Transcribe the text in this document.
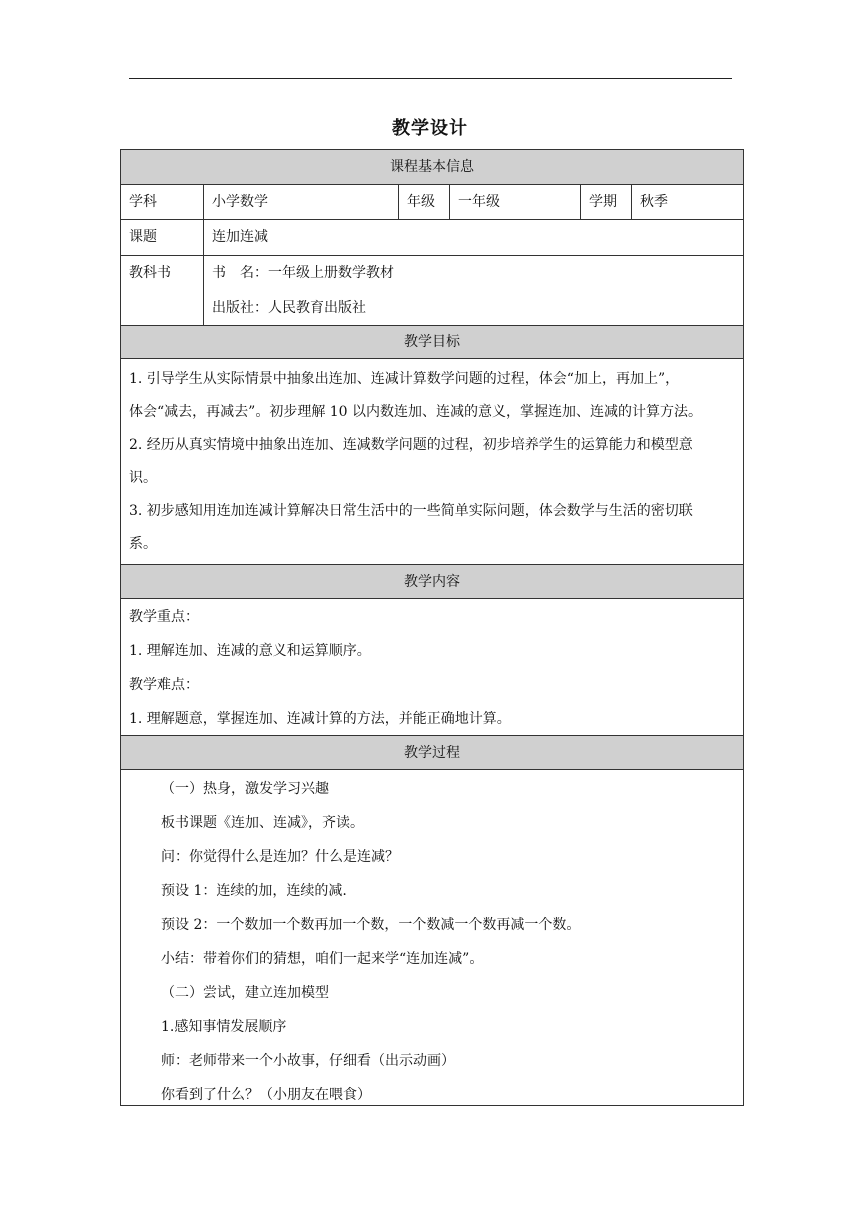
教学设计
课程基本信息
学科	小学数学	年级	一年级	学期	秋季
课题	连加连减
教科书	书　名：一年级上册数学教材
出版社：人民教育出版社
教学目标
1. 引导学生从实际情景中抽象出连加、连减计算数学问题的过程，体会“加上，再加上”，
体会“减去，再减去”。初步理解 10 以内数连加、连减的意义，掌握连加、连减的计算方法。
2. 经历从真实情境中抽象出连加、连减数学问题的过程，初步培养学生的运算能力和模型意
识。
3. 初步感知用连加连减计算解决日常生活中的一些简单实际问题，体会数学与生活的密切联
系。
教学内容
教学重点：
1. 理解连加、连减的意义和运算顺序。
教学难点：
1. 理解题意，掌握连加、连减计算的方法，并能正确地计算。
教学过程
（一）热身，激发学习兴趣
板书课题《连加、连减》，齐读。
问：你觉得什么是连加？什么是连减？
预设 1：连续的加，连续的减.
预设 2：一个数加一个数再加一个数，一个数减一个数再减一个数。
小结：带着你们的猜想，咱们一起来学“连加连减”。
（二）尝试，建立连加模型
1.感知事情发展顺序
师：老师带来一个小故事，仔细看（出示动画）
你看到了什么？（小朋友在喂食）
